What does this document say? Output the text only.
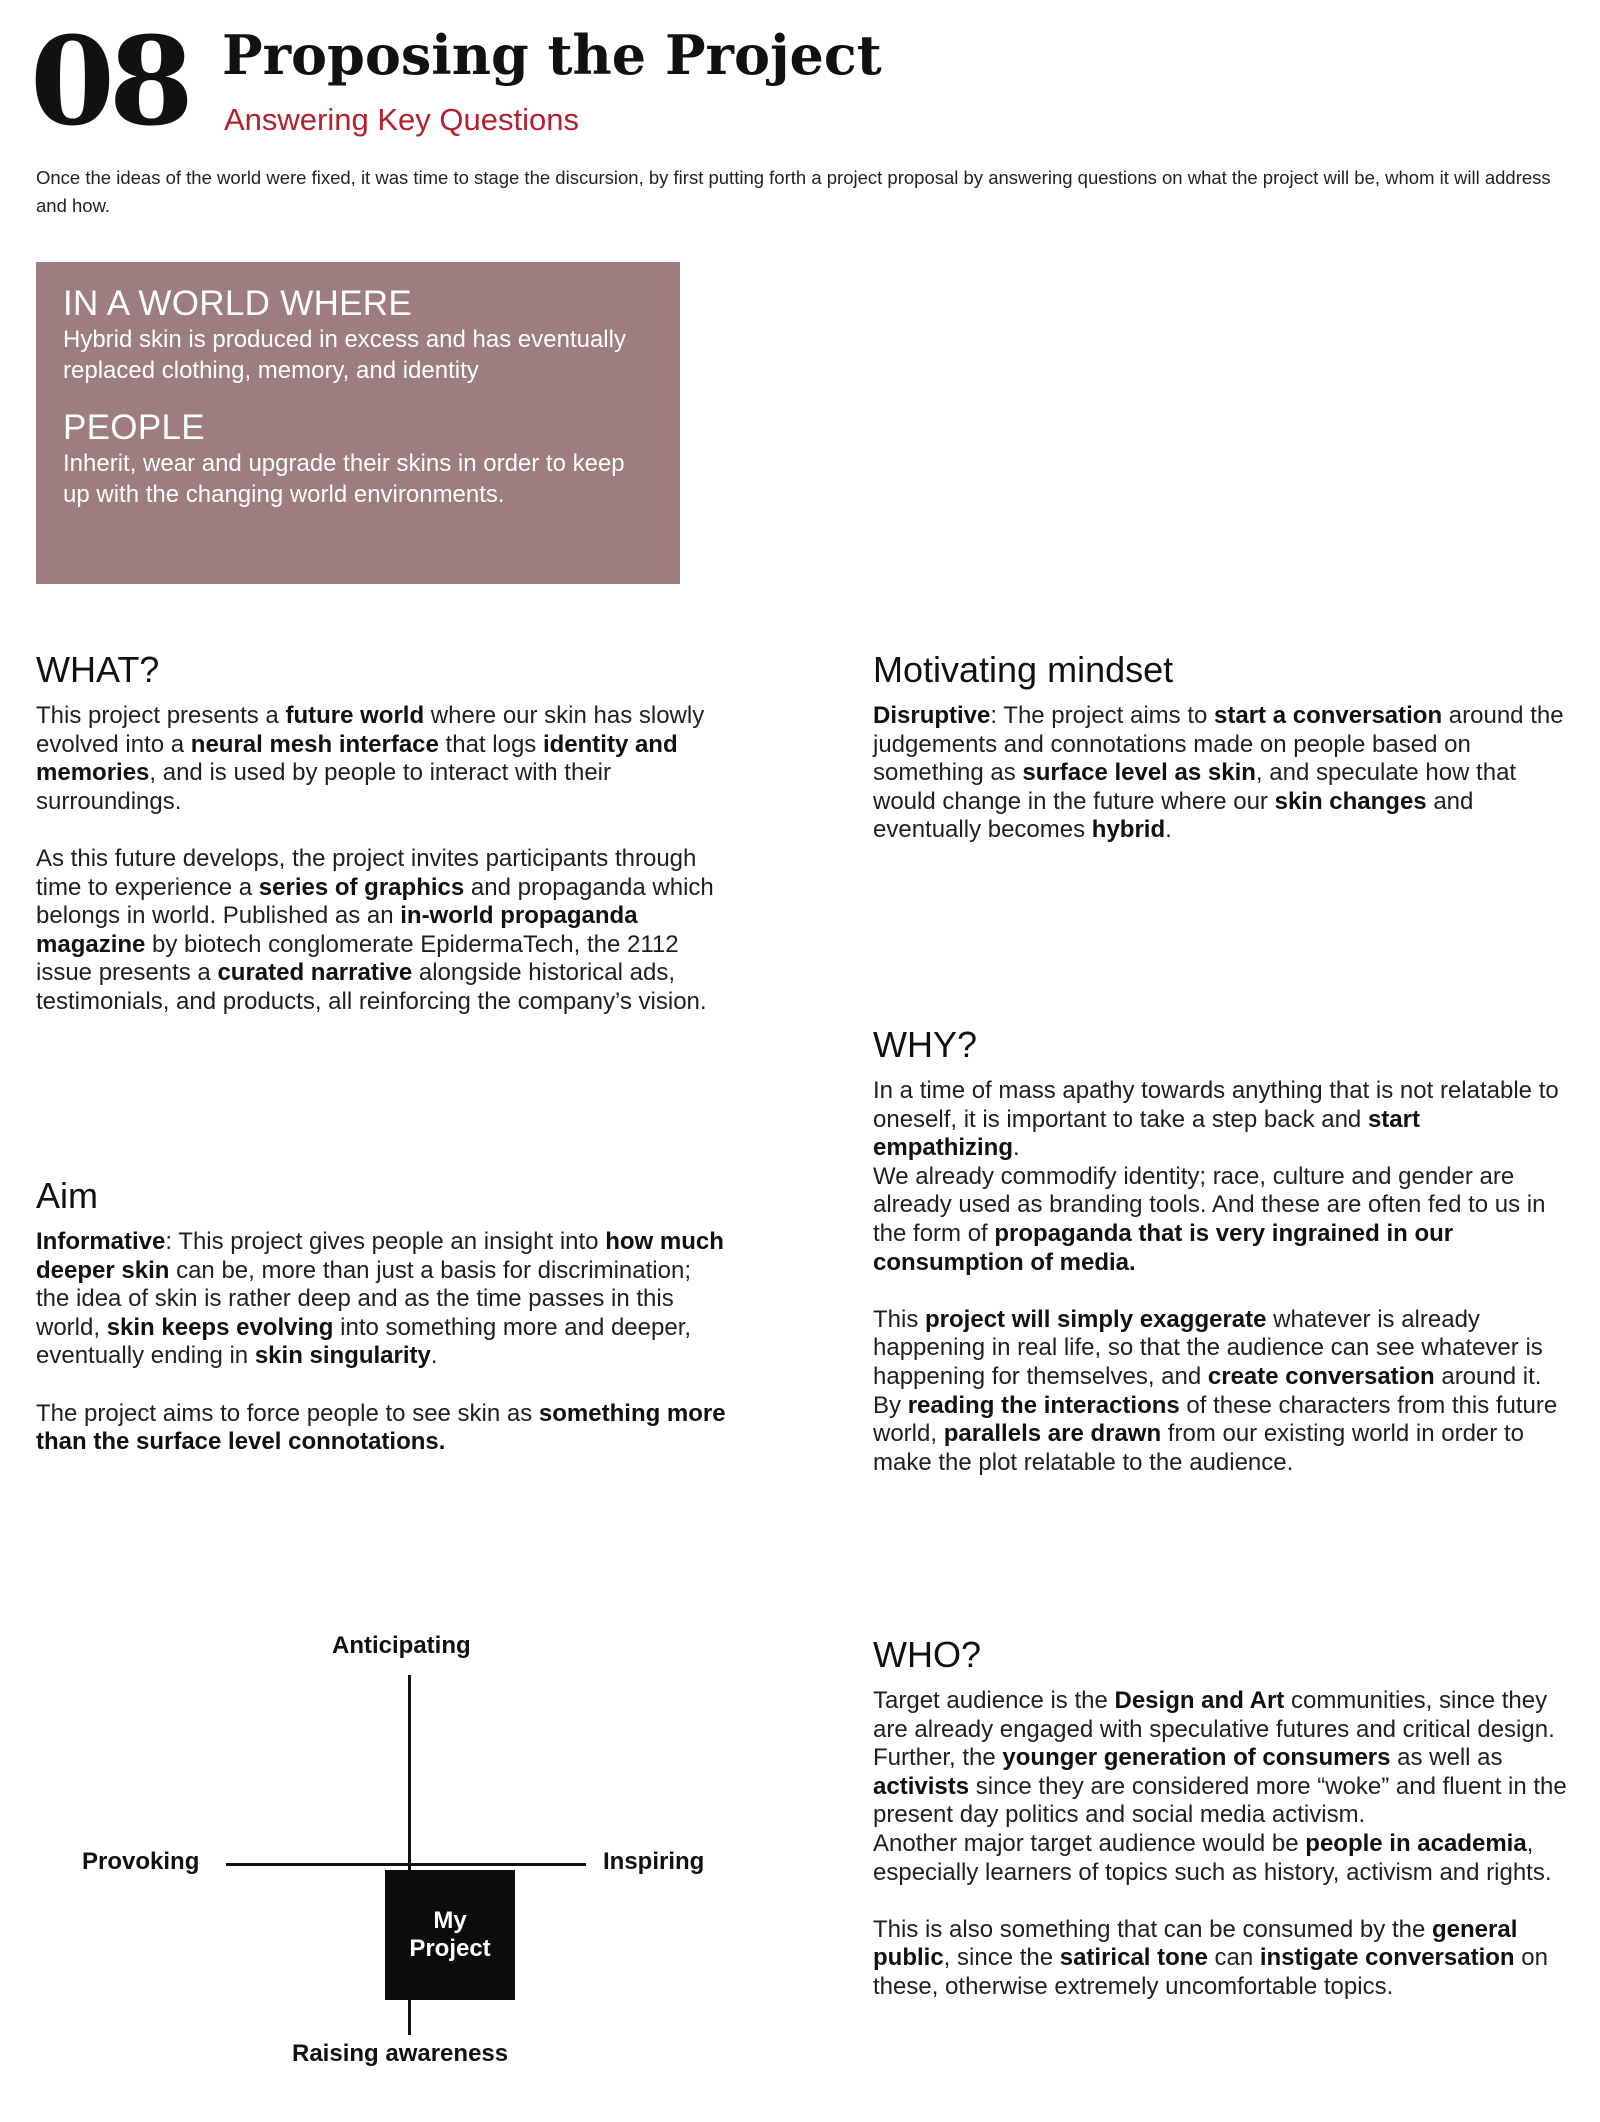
08 Proposing the Project
Answering Key Questions
Once the ideas of the world were fixed, it was time to stage the discursion, by first putting forth a project proposal by answering questions on what the project will be, whom it will address and how.
IN A WORLD WHERE
Hybrid skin is produced in excess and has eventually replaced clothing, memory, and identity
PEOPLE
Inherit, wear and upgrade their skins in order to keep up with the changing world environments.
WHAT?
This project presents a future world where our skin has slowly evolved into a neural mesh interface that logs identity and memories, and is used by people to interact with their surroundings.
As this future develops, the project invites participants through time to experience a series of graphics and propaganda which belongs in world. Published as an in-world propaganda magazine by biotech conglomerate EpidermaTech, the 2112 issue presents a curated narrative alongside historical ads, testimonials, and products, all reinforcing the company’s vision.
Aim
Informative: This project gives people an insight into how much deeper skin can be, more than just a basis for discrimination; the idea of skin is rather deep and as the time passes in this world, skin keeps evolving into something more and deeper, eventually ending in skin singularity.
The project aims to force people to see skin as something more than the surface level connotations.
Motivating mindset
Disruptive: The project aims to start a conversation around the judgements and connotations made on people based on something as surface level as skin, and speculate how that would change in the future where our skin changes and eventually becomes hybrid.
WHY?
In a time of mass apathy towards anything that is not relatable to oneself, it is important to take a step back and start empathizing.
We already commodify identity; race, culture and gender are already used as branding tools. And these are often fed to us in the form of propaganda that is very ingrained in our consumption of media.
This project will simply exaggerate whatever is already happening in real life, so that the audience can see whatever is happening for themselves, and create conversation around it. By reading the interactions of these characters from this future world, parallels are drawn from our existing world in order to make the plot relatable to the audience.
WHO?
Target audience is the Design and Art communities, since they are already engaged with speculative futures and critical design. Further, the younger generation of consumers as well as activists since they are considered more “woke” and fluent in the present day politics and social media activism.
Another major target audience would be people in academia, especially learners of topics such as history, activism and rights.
This is also something that can be consumed by the general public, since the satirical tone can instigate conversation on these, otherwise extremely uncomfortable topics.
Anticipating
Provoking	Inspiring
My Project
Raising awareness
